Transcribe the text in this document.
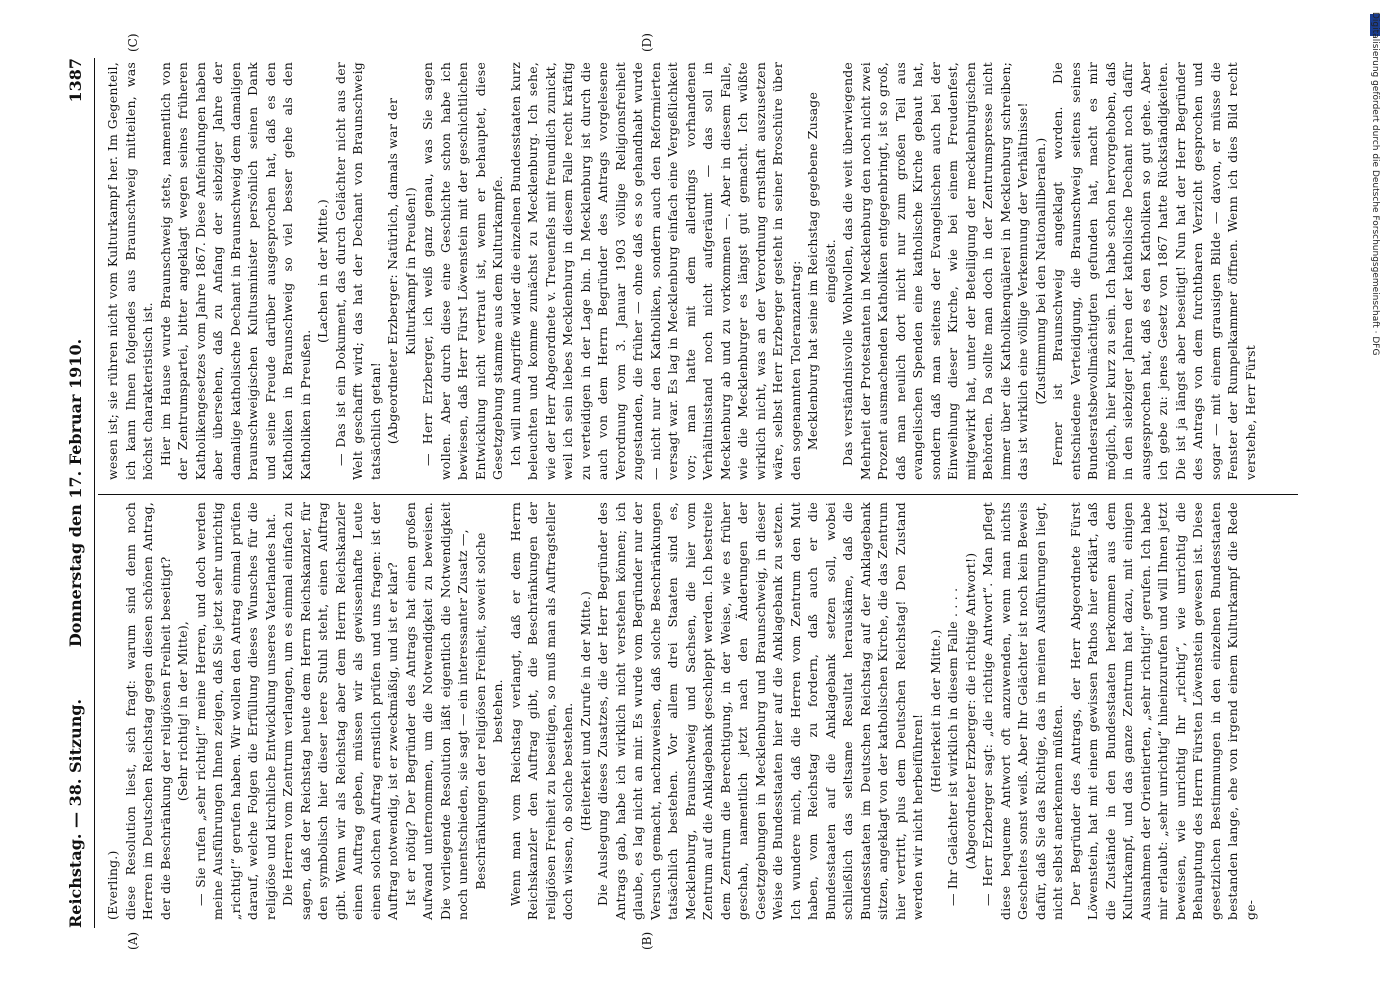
Reichstag. — 38. Sitzung.
Donnerstag den 17. Februar 1910.
1387
(A)	(B)
(C)	(D)

(Everling.) diese Resolution liest, sich fragt: warum sind denn noch Herren im Deutschen Reichstag gegen diesen schönen Antrag, der die Beschränkung der religiösen Freiheit beseitigt? (Sehr richtig! in der Mitte), — Sie rufen „sehr richtig!“ meine Herren, und doch werden meine Ausführungen Ihnen zeigen, daß Sie jetzt sehr unrichtig „richtig!“ gerufen haben. Wir wollen den Antrag einmal prüfen darauf, welche Folgen die Erfüllung dieses Wunsches für die religiöse und kirchliche Entwicklung unseres Vaterlandes hat. Die Herren vom Zentrum verlangen, um es einmal einfach zu sagen, daß der Reichstag heute dem Herrn Reichskanzler, für den symbolisch hier dieser leere Stuhl steht, einen Auftrag gibt. Wenn wir als Reichstag aber dem Herrn Reichskanzler einen Auftrag geben, müssen wir als gewissenhafte Leute einen solchen Auftrag ernstlich prüfen und uns fragen: ist der Auftrag notwendig, ist er zweckmäßig, und ist er klar? Ist er nötig? Der Begründer des Antrags hat einen großen Aufwand unternommen, um die Notwendigkeit zu beweisen. Die vorliegende Resolution läßt eigentlich die Notwendigkeit noch unentschieden, sie sagt — ein interessanter Zusatz —, Beschränkungen der religiösen Freiheit, soweit solche bestehen. Wenn man vom Reichstag verlangt, daß er dem Herrn Reichskanzler den Auftrag gibt, die Beschränkungen der religiösen Freiheit zu beseitigen, so muß man als Auftragsteller doch wissen, ob solche bestehen. (Heiterkeit und Zurufe in der Mitte.) Die Auslegung dieses Zusatzes, die der Herr Begründer des Antrags gab, habe ich wirklich nicht verstehen können; ich glaube, es lag nicht an mir. Es wurde vom Begründer nur der Versuch gemacht, nachzuweisen, daß solche Beschränkungen tatsächlich bestehen. Vor allem drei Staaten sind es, Mecklenburg, Braunschweig und Sachsen, die hier vom Zentrum auf die Anklagebank geschleppt werden. Ich bestreite dem Zentrum die Berechtigung, in der Weise, wie es früher geschah, namentlich jetzt nach den Änderungen der Gesetzgebungen in Mecklenburg und Braunschweig, in dieser Weise die Bundesstaaten hier auf die Anklagebank zu setzen. Ich wundere mich, daß die Herren vom Zentrum den Mut haben, vom Reichstag zu fordern, daß auch er die Bundesstaaten auf die Anklagebank setzen soll, wobei schließlich das seltsame Resultat herauskäme, daß die Bundesstaaten im Deutschen Reichstag auf der Anklagebank sitzen, angeklagt von der katholischen Kirche, die das Zentrum hier vertritt, plus dem Deutschen Reichstag! Den Zustand werden wir nicht herbeiführen!

(Heiterkeit in der Mitte.) — Ihr Gelächter ist wirklich in diesem Falle . . . . (Abgeordneter Erzberger: die richtige Antwort!) — Herr Erzberger sagt: „die richtige Antwort“. Man pflegt diese bequeme Antwort oft anzuwenden, wenn man nichts Gescheites sonst weiß. Aber Ihr Gelächter ist noch kein Beweis dafür, daß Sie das Richtige, das in meinen Ausführungen liegt, nicht selbst anerkennen müßten. Der Begründer des Antrags, der Herr Abgeordnete Fürst Löwenstein, hat mit einem gewissen Pathos hier erklärt, daß die Zustände in den Bundesstaaten herkommen aus dem Kulturkampf, und das ganze Zentrum hat dazu, mit einigen Ausnahmen der Orientierten, „sehr richtig!“ gerufen. Ich habe mir erlaubt: „sehr unrichtig“ hineinzurufen und will Ihnen jetzt beweisen, wie unrichtig Ihr „richtig“, wie unrichtig die Behauptung des Herrn Fürsten Löwenstein gewesen ist. Diese gesetzlichen Bestimmungen in den einzelnen Bundesstaaten bestanden lange, ehe von irgend einem Kulturkampf die Rede ge-

wesen ist; sie rühren nicht vom Kulturkampf her. Im Gegenteil, ich kann Ihnen folgendes aus Braunschweig mitteilen, was höchst charakteristisch ist. Hier im Hause wurde Braunschweig stets, namentlich von der Zentrumspartei, bitter angeklagt wegen seines früheren Katholikengesetzes vom Jahre 1867. Diese Anfeindungen haben aber übersehen, daß zu Anfang der siebziger Jahre der damalige katholische Dechant in Braunschweig dem damaligen braunschweigischen Kultusminister persönlich seinen Dank und seine Freude darüber ausgesprochen hat, daß es den Katholiken in Braunschweig so viel besser gehe als den Katholiken in Preußen.

(Lachen in der Mitte.) — Das ist ein Dokument, das durch Gelächter nicht aus der Welt geschafft wird; das hat der Dechant von Braunschweig tatsächlich getan! (Abgeordneter Erzberger: Natürlich, damals war der Kulturkampf in Preußen!) — Herr Erzberger, ich weiß ganz genau, was Sie sagen wollen. Aber durch diese eine Geschichte schon habe ich bewiesen, daß Herr Fürst Löwenstein mit der geschichtlichen Entwicklung nicht vertraut ist, wenn er behauptet, diese Gesetzgebung stamme aus dem Kulturkampfe. Ich will nun Angriffe wider die einzelnen Bundesstaaten kurz beleuchten und komme zunächst zu Mecklenburg. Ich sehe, wie der Herr Abgeordnete v. Treuenfels mit freundlich zunickt, weil ich sein liebes Mecklenburg in diesem Falle recht kräftig zu verteidigen in der Lage bin. In Mecklenburg ist durch die auch von dem Herrn Begründer des Antrags vorgelesene Verordnung vom 3. Januar 1903 völlige Religionsfreiheit zugestanden, die früher — ohne daß es so gehandhabt wurde — nicht nur den Katholiken, sondern auch den Reformierten versagt war. Es lag in Mecklenburg einfach eine Vergeßlichkeit vor; man hatte mit dem allerdings vorhandenen Verhältnisstand noch nicht aufgeräumt — das soll in Mecklenburg ab und zu vorkommen —. Aber in diesem Falle, wie die Mecklenburger es längst gut gemacht. Ich wüßte wirklich nicht, was an der Verordnung ernsthaft auszusetzen wäre, selbst Herr Erzberger gesteht in seiner Broschüre über den sogenannten Toleranzantrag: Mecklenburg hat seine im Reichstag gegebene Zusage eingelöst. Das verständnisvolle Wohlwollen, das die weit überwiegende Mehrheit der Protestanten in Mecklenburg den noch nicht zwei Prozent ausmachenden Katholiken entgegenbringt, ist so groß, daß man neulich dort nicht nur zum großen Teil aus evangelischen Spenden eine katholische Kirche gebaut hat, sondern daß man seitens der Evangelischen auch bei der Einweihung dieser Kirche, wie bei einem Freudenfest, mitgewirkt hat, unter der Beteiligung der mecklenburgischen Behörden. Da sollte man doch in der Zentrumspresse nicht immer über die Katholikenquälerei in Mecklenburg schreiben; das ist wirklich eine völlige Verkennung der Verhältnisse! (Zustimmung bei den Nationalliberalen.) Ferner ist Braunschweig angeklagt worden. Die entschiedene Verteidigung, die Braunschweig seitens seines Bundesratsbevollmächtigten gefunden hat, macht es mir möglich, hier kurz zu sein. Ich habe schon hervorgehoben, daß in den siebziger Jahren der katholische Dechant noch dafür ausgesprochen hat, daß es den Katholiken so gut gehe. Aber ich gebe zu: jenes Gesetz von 1867 hatte Rückständigkeiten. Die ist ja längst aber beseitigt! Nun hat der Herr Begründer des Antrags von dem furchtbaren Verzicht gesprochen und sogar — mit einem grausigen Bilde — davon, er müsse die Fenster der Rumpelkammer öffnen. Wenn ich dies Bild recht verstehe, Herr Fürst

Digitalisierung gefördert durch die Deutsche Forschungsgemeinschaft · DFG
